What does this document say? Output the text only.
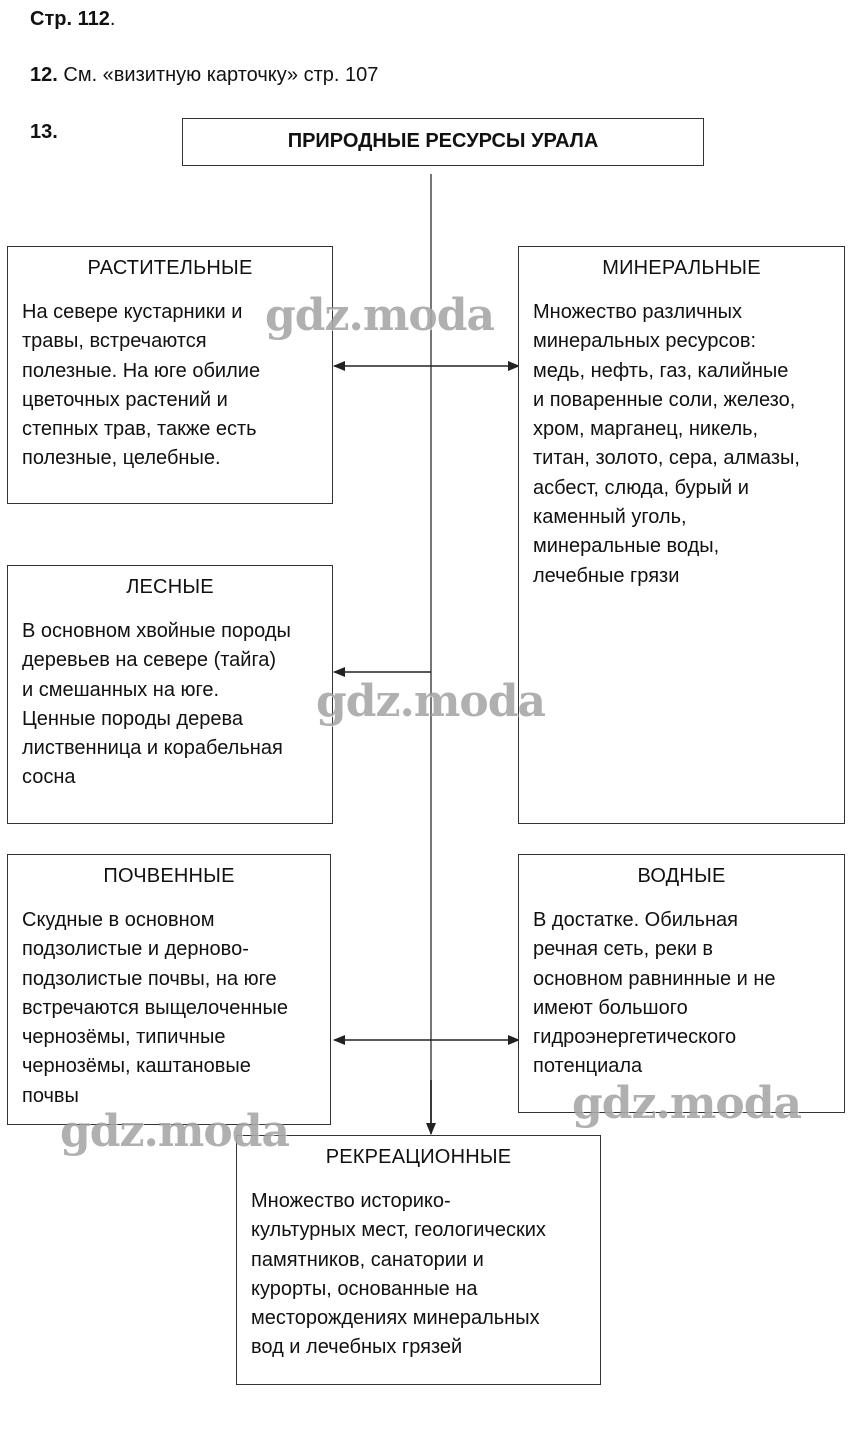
Стр. 112.
12. См. «визитную карточку» стр. 107
13.	ПРИРОДНЫЕ РЕСУРСЫ УРАЛА
РАСТИТЕЛЬНЫЕ
На севере кустарники и
травы, встречаются
полезные. На юге обилие
цветочных растений и
степных трав, также есть
полезные, целебные.
МИНЕРАЛЬНЫЕ
Множество различных
минеральных ресурсов:
медь, нефть, газ, калийные
и поваренные соли, железо,
хром, марганец, никель,
титан, золото, сера, алмазы,
асбест, слюда, бурый и
каменный уголь,
минеральные воды,
лечебные грязи
ЛЕСНЫЕ
В основном хвойные породы
деревьев на севере (тайга)
и смешанных на юге.
Ценные породы дерева
лиственница и корабельная
сосна
ПОЧВЕННЫЕ
Скудные в основном
подзолистые и дерново-
подзолистые почвы, на юге
встречаются выщелоченные
чернозёмы, типичные
чернозёмы, каштановые
почвы
ВОДНЫЕ
В достатке. Обильная
речная сеть, реки в
основном равнинные и не
имеют большого
гидроэнергетического
потенциала
РЕКРЕАЦИОННЫЕ
Множество историко-
культурных мест, геологических
памятников, санатории и
курорты, основанные на
месторождениях минеральных
вод и лечебных грязей
gdz.moda
gdz.moda
gdz.moda
gdz.moda
